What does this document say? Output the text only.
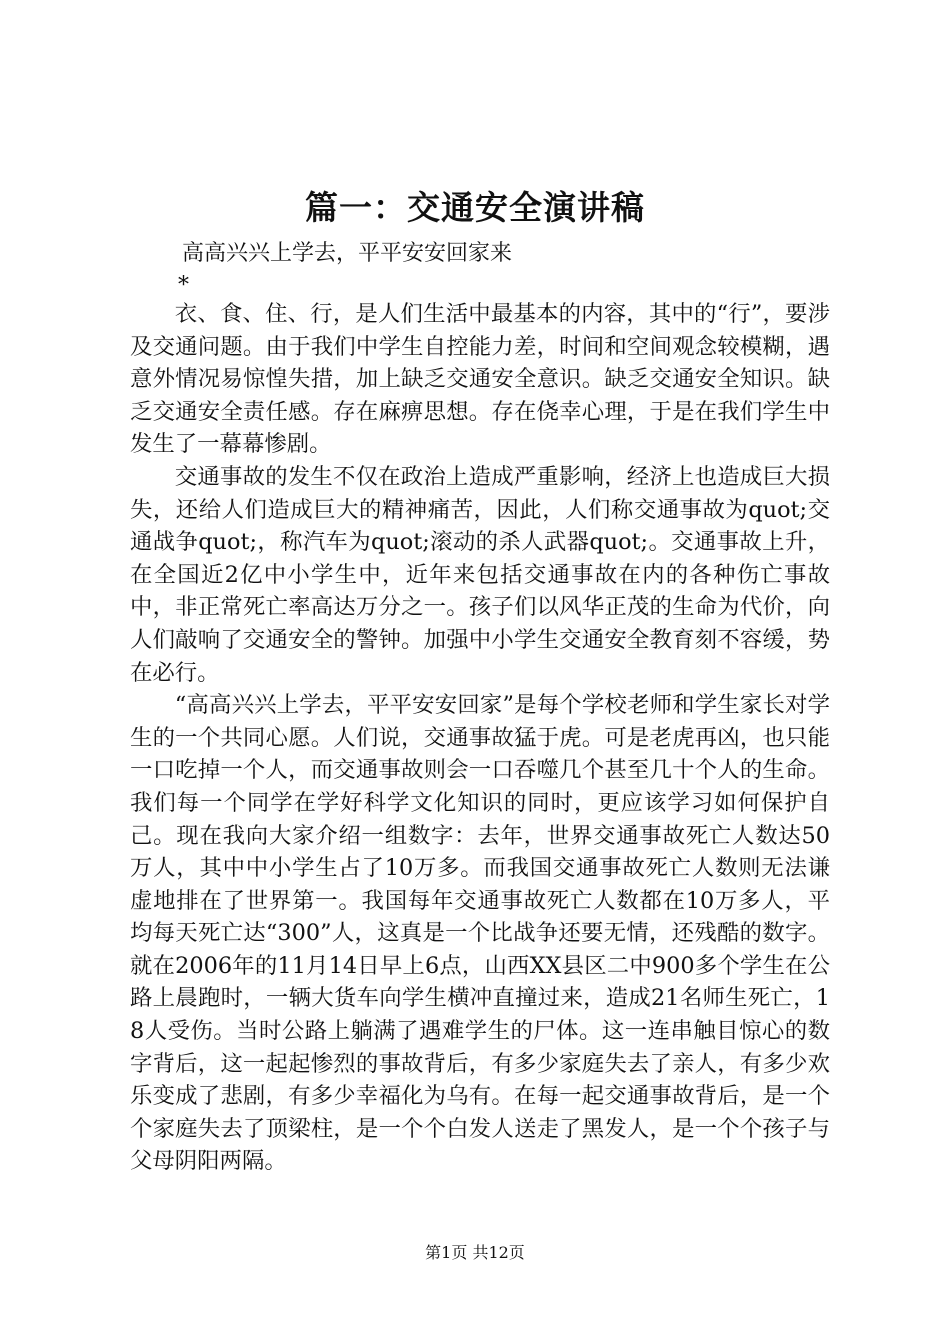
篇一：交通安全演讲稿
高高兴兴上学去，平平安安回家来
*

衣、食、住、行，是人们生活中最基本的内容，其中的“行”，要涉及交通问题。由于我们中学生自控能力差，时间和空间观念较模糊，遇意外情况易惊惶失措，加上缺乏交通安全意识。缺乏交通安全知识。缺乏交通安全责任感。存在麻痹思想。存在侥幸心理，于是在我们学生中发生了一幕幕惨剧。

交通事故的发生不仅在政治上造成严重影响，经济上也造成巨大损失，还给人们造成巨大的精神痛苦，因此，人们称交通事故为quot;交通战争quot;，称汽车为quot;滚动的杀人武器quot;。交通事故上升，在全国近2亿中小学生中，近年来包括交通事故在内的各种伤亡事故中，非正常死亡率高达万分之一。孩子们以风华正茂的生命为代价，向人们敲响了交通安全的警钟。加强中小学生交通安全教育刻不容缓，势在必行。

“高高兴兴上学去，平平安安回家”是每个学校老师和学生家长对学生的一个共同心愿。人们说，交通事故猛于虎。可是老虎再凶，也只能一口吃掉一个人，而交通事故则会一口吞噬几个甚至几十个人的生命。我们每一个同学在学好科学文化知识的同时，更应该学习如何保护自己。现在我向大家介绍一组数字：去年，世界交通事故死亡人数达50万人，其中中小学生占了10万多。而我国交通事故死亡人数则无法谦虚地排在了世界第一。我国每年交通事故死亡人数都在10万多人，平均每天死亡达“300”人，这真是一个比战争还要无情，还残酷的数字。就在2006年的11月14日早上6点，山西XX县区二中900多个学生在公路上晨跑时，一辆大货车向学生横冲直撞过来，造成21名师生死亡，18人受伤。当时公路上躺满了遇难学生的尸体。这一连串触目惊心的数字背后，这一起起惨烈的事故背后，有多少家庭失去了亲人，有多少欢乐变成了悲剧，有多少幸福化为乌有。在每一起交通事故背后，是一个个家庭失去了顶梁柱，是一个个白发人送走了黑发人，是一个个孩子与父母阴阳两隔。

第1页 共12页
